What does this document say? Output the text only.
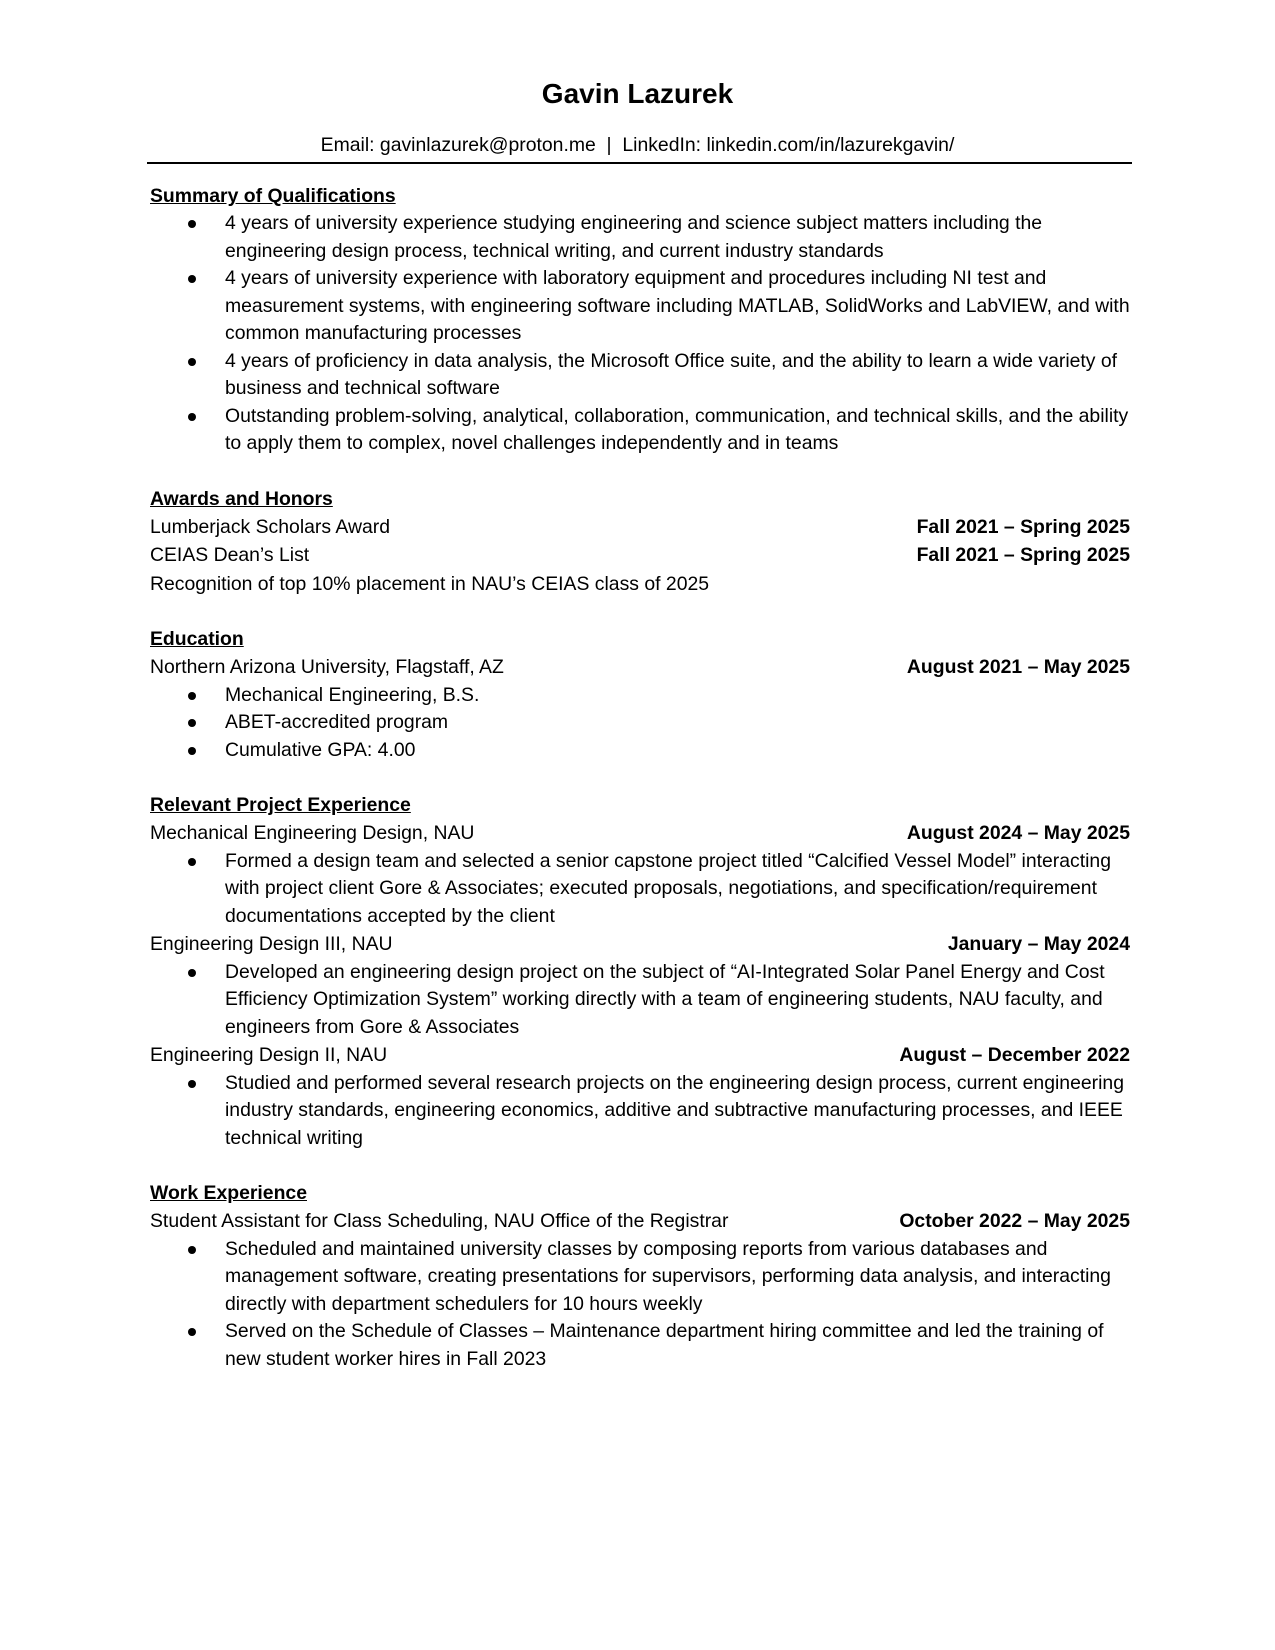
Gavin Lazurek
Email: gavinlazurek@proton.me  |  LinkedIn: linkedin.com/in/lazurekgavin/
Summary of Qualifications
4 years of university experience studying engineering and science subject matters including the engineering design process, technical writing, and current industry standards
4 years of university experience with laboratory equipment and procedures including NI test and measurement systems, with engineering software including MATLAB, SolidWorks and LabVIEW, and with common manufacturing processes
4 years of proficiency in data analysis, the Microsoft Office suite, and the ability to learn a wide variety of business and technical software
Outstanding problem-solving, analytical, collaboration, communication, and technical skills, and the ability to apply them to complex, novel challenges independently and in teams
Awards and Honors
Lumberjack Scholars Award	Fall 2021 – Spring 2025
CEIAS Dean’s List	Fall 2021 – Spring 2025
Recognition of top 10% placement in NAU’s CEIAS class of 2025
Education
Northern Arizona University, Flagstaff, AZ	August 2021 – May 2025
Mechanical Engineering, B.S.
ABET-accredited program
Cumulative GPA: 4.00
Relevant Project Experience
Mechanical Engineering Design, NAU	August 2024 – May 2025
Formed a design team and selected a senior capstone project titled “Calcified Vessel Model” interacting with project client Gore & Associates; executed proposals, negotiations, and specification/requirement documentations accepted by the client
Engineering Design III, NAU	January – May 2024
Developed an engineering design project on the subject of “AI-Integrated Solar Panel Energy and Cost Efficiency Optimization System” working directly with a team of engineering students, NAU faculty, and engineers from Gore & Associates
Engineering Design II, NAU	August – December 2022
Studied and performed several research projects on the engineering design process, current engineering industry standards, engineering economics, additive and subtractive manufacturing processes, and IEEE technical writing
Work Experience
Student Assistant for Class Scheduling, NAU Office of the Registrar	October 2022 – May 2025
Scheduled and maintained university classes by composing reports from various databases and management software, creating presentations for supervisors, performing data analysis, and interacting directly with department schedulers for 10 hours weekly
Served on the Schedule of Classes – Maintenance department hiring committee and led the training of new student worker hires in Fall 2023
